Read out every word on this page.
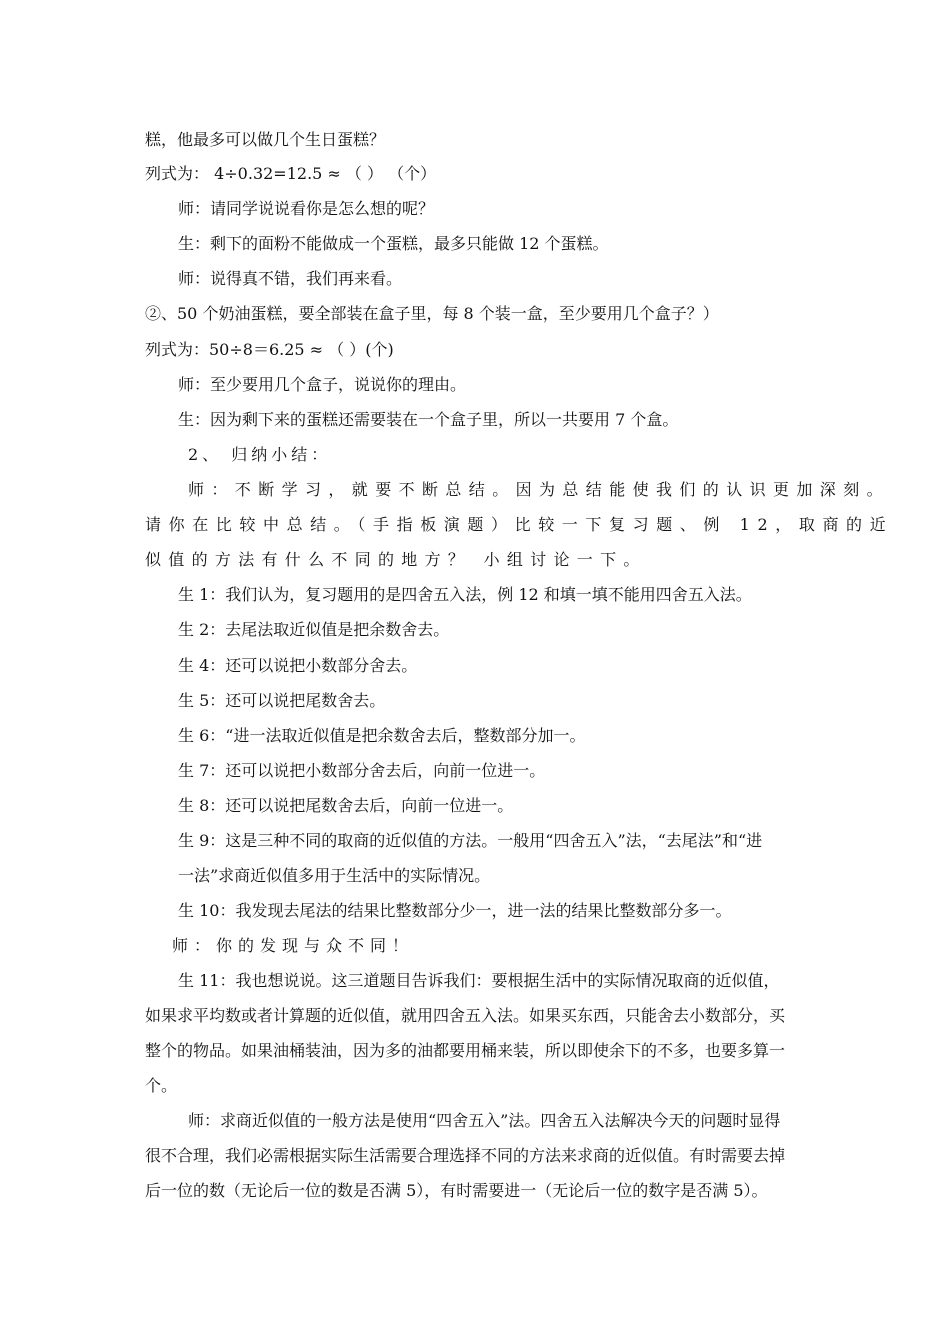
糕，他最多可以做几个生日蛋糕？
列式为： 4÷0.32=12.5 ≈ （ ） （个）
师：请同学说说看你是怎么想的呢？
生：剩下的面粉不能做成一个蛋糕，最多只能做 12 个蛋糕。
师：说得真不错，我们再来看。
②、50 个奶油蛋糕，要全部装在盒子里，每 8 个装一盒，至少要用几个盒子？）
列式为：50÷8＝6.25 ≈ （ ）(个)
师：至少要用几个盒子，说说你的理由。
生：因为剩下来的蛋糕还需要装在一个盒子里，所以一共要用 7 个盒。
2、 归纳小结：
师：不断学习，就要不断总结。因为总结能使我们的认识更加深刻。
请你在比较中总结。（手指板演题）比较一下复习题、例 12，取商的近
似值的方法有什么不同的地方？ 小组讨论一下。
生 1：我们认为，复习题用的是四舍五入法，例 12 和填一填不能用四舍五入法。
生 2：去尾法取近似值是把余数舍去。
生 4：还可以说把小数部分舍去。
生 5：还可以说把尾数舍去。
生 6：“进一法取近似值是把余数舍去后，整数部分加一。
生 7：还可以说把小数部分舍去后，向前一位进一。
生 8：还可以说把尾数舍去后，向前一位进一。
生 9：这是三种不同的取商的近似值的方法。一般用“四舍五入”法，“去尾法”和“进
一法”求商近似值多用于生活中的实际情况。
生 10：我发现去尾法的结果比整数部分少一，进一法的结果比整数部分多一。
师：你的发现与众不同！
生 11：我也想说说。这三道题目告诉我们：要根据生活中的实际情况取商的近似值，
如果求平均数或者计算题的近似值，就用四舍五入法。如果买东西，只能舍去小数部分，买
整个的物品。如果油桶装油，因为多的油都要用桶来装，所以即使余下的不多，也要多算一
个。
师：求商近似值的一般方法是使用“四舍五入”法。四舍五入法解决今天的问题时显得
很不合理，我们必需根据实际生活需要合理选择不同的方法来求商的近似值。有时需要去掉
后一位的数（无论后一位的数是否满 5），有时需要进一（无论后一位的数字是否满 5）。
